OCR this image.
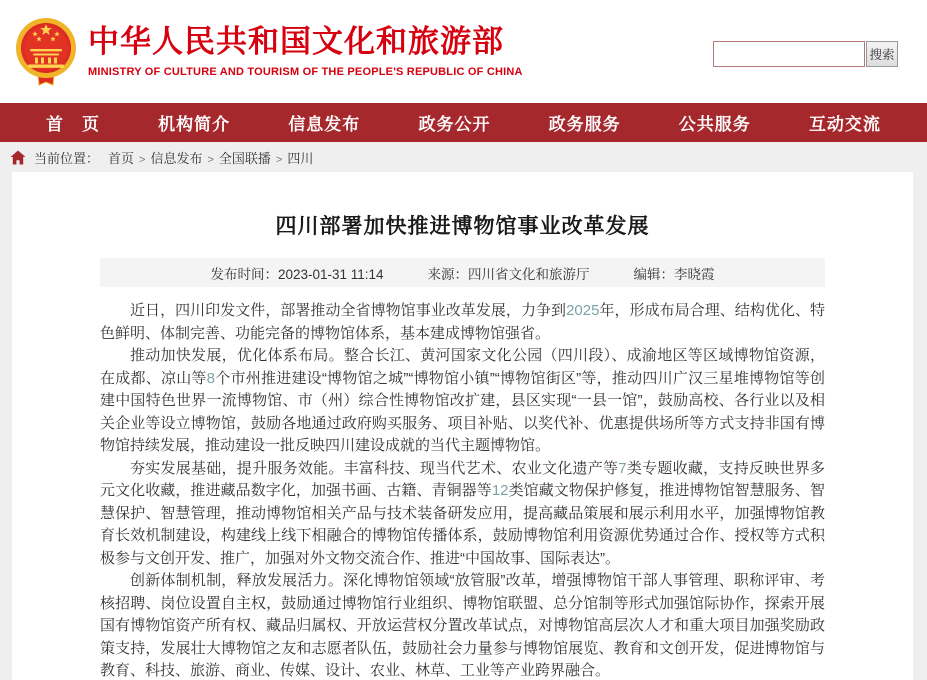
中华人民共和国文化和旅游部
MINISTRY OF CULTURE AND TOURISM OF THE PEOPLE'S REPUBLIC OF CHINA
搜索
首　页	机构简介	信息发布	政务公开	政务服务	公共服务	互动交流
当前位置： 首页 > 信息发布 > 全国联播 > 四川
四川部署加快推进博物馆事业改革发展
发布时间：2023-01-31 11:14	来源：四川省文化和旅游厅	编辑：李晓霞

近日，四川印发文件，部署推动全省博物馆事业改革发展，力争到2025年，形成布局合理、结构优化、特色鲜明、体制完善、功能完备的博物馆体系，基本建成博物馆强省。

推动加快发展，优化体系布局。整合长江、黄河国家文化公园（四川段）、成渝地区等区域博物馆资源，在成都、凉山等8个市州推进建设“博物馆之城”“博物馆小镇”“博物馆街区”等，推动四川广汉三星堆博物馆等创建中国特色世界一流博物馆、市（州）综合性博物馆改扩建，县区实现“一县一馆”，鼓励高校、各行业以及相关企业等设立博物馆，鼓励各地通过政府购买服务、项目补贴、以奖代补、优惠提供场所等方式支持非国有博物馆持续发展，推动建设一批反映四川建设成就的当代主题博物馆。

夯实发展基础，提升服务效能。丰富科技、现当代艺术、农业文化遗产等7类专题收藏，支持反映世界多元文化收藏，推进藏品数字化，加强书画、古籍、青铜器等12类馆藏文物保护修复，推进博物馆智慧服务、智慧保护、智慧管理，推动博物馆相关产品与技术装备研发应用，提高藏品策展和展示利用水平，加强博物馆教育长效机制建设，构建线上线下相融合的博物馆传播体系，鼓励博物馆利用资源优势通过合作、授权等方式积极参与文创开发、推广，加强对外文物交流合作、推进“中国故事、国际表达”。

创新体制机制，释放发展活力。深化博物馆领域“放管服”改革，增强博物馆干部人事管理、职称评审、考核招聘、岗位设置自主权，鼓励通过博物馆行业组织、博物馆联盟、总分馆制等形式加强馆际协作，探索开展国有博物馆资产所有权、藏品归属权、开放运营权分置改革试点，对博物馆高层次人才和重大项目加强奖励政策支持，发展壮大博物馆之友和志愿者队伍，鼓励社会力量参与博物馆展览、教育和文创开发，促进博物馆与教育、科技、旅游、商业、传媒、设计、农业、林草、工业等产业跨界融合。
